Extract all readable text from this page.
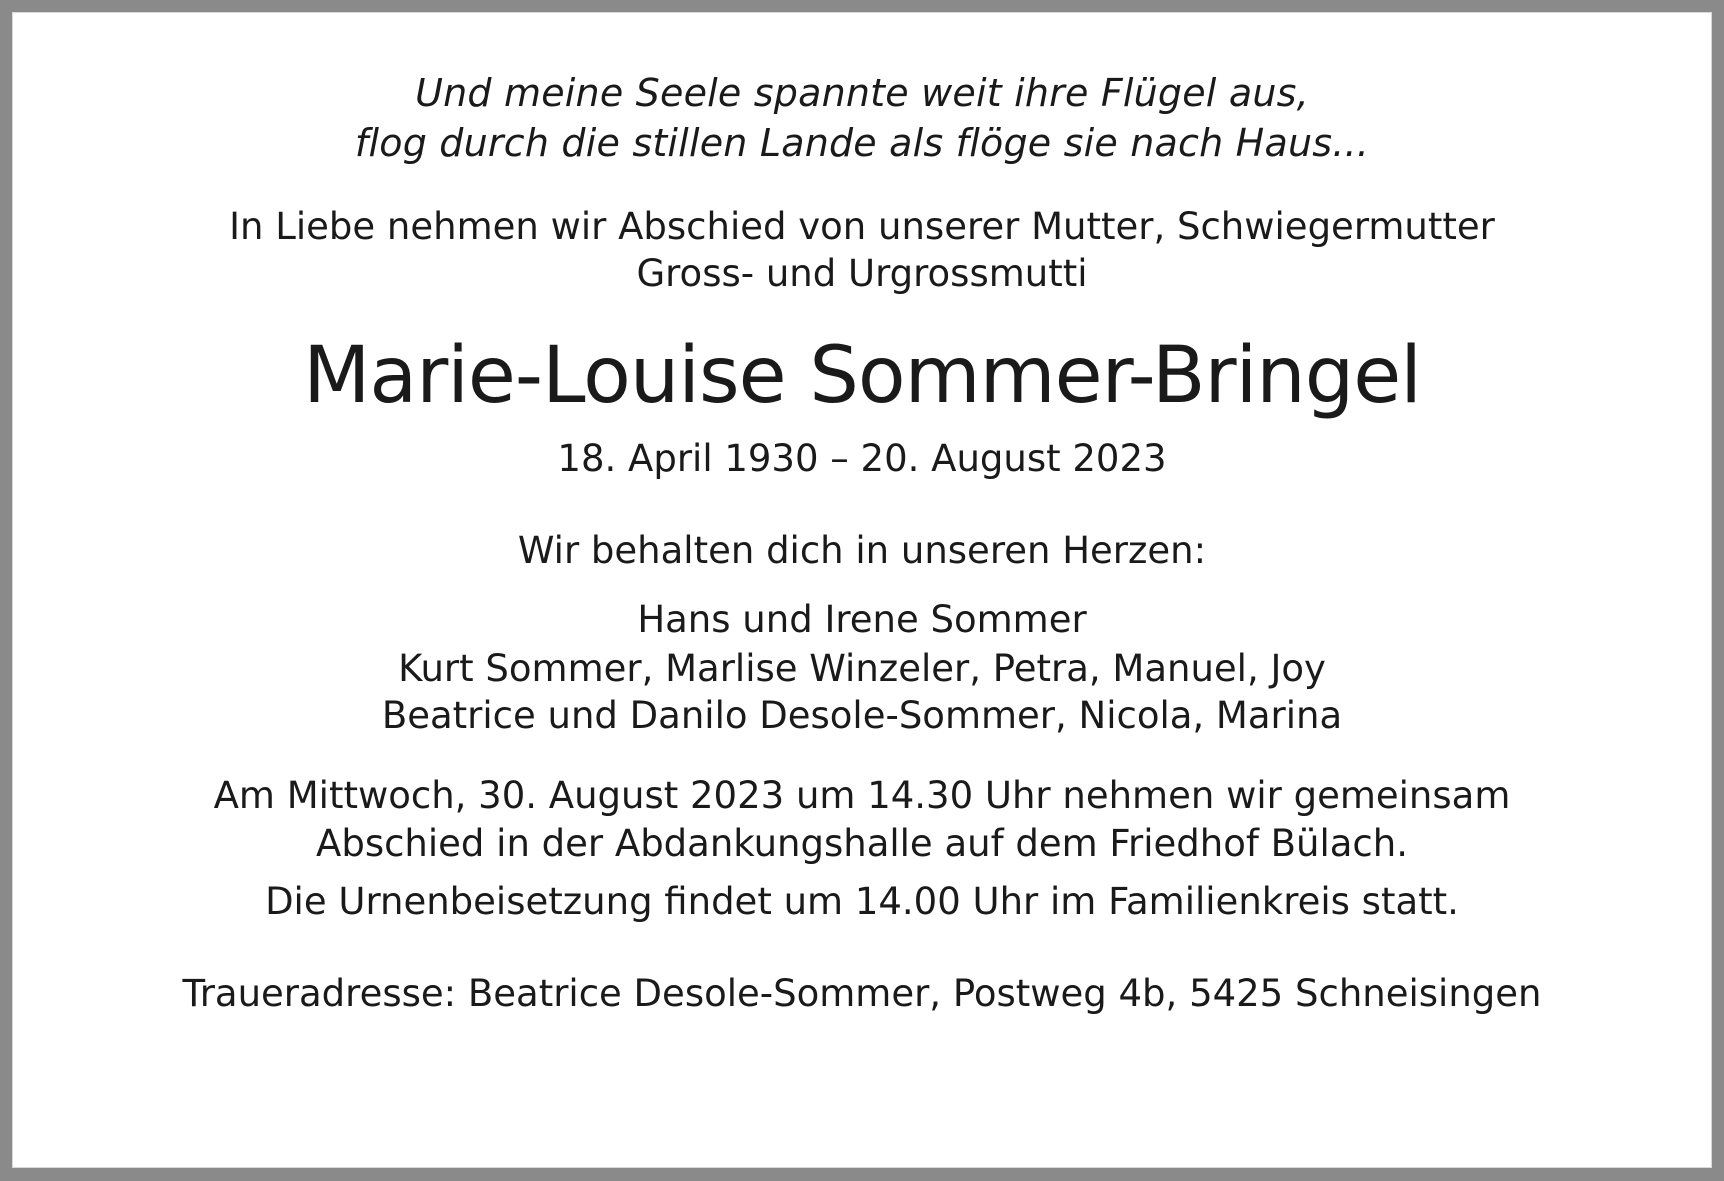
Und meine Seele spannte weit ihre Flügel aus,
flog durch die stillen Lande als flöge sie nach Haus...
In Liebe nehmen wir Abschied von unserer Mutter, Schwiegermutter
Gross- und Urgrossmutti
Marie-Louise Sommer-Bringel
18. April 1930 – 20. August 2023
Wir behalten dich in unseren Herzen:
Hans und Irene Sommer
Kurt Sommer, Marlise Winzeler, Petra, Manuel, Joy
Beatrice und Danilo Desole-Sommer, Nicola, Marina
Am Mittwoch, 30. August 2023 um 14.30 Uhr nehmen wir gemeinsam
Abschied in der Abdankungshalle auf dem Friedhof Bülach.
Die Urnenbeisetzung findet um 14.00 Uhr im Familienkreis statt.
Traueradresse: Beatrice Desole-Sommer, Postweg 4b, 5425 Schneisingen
